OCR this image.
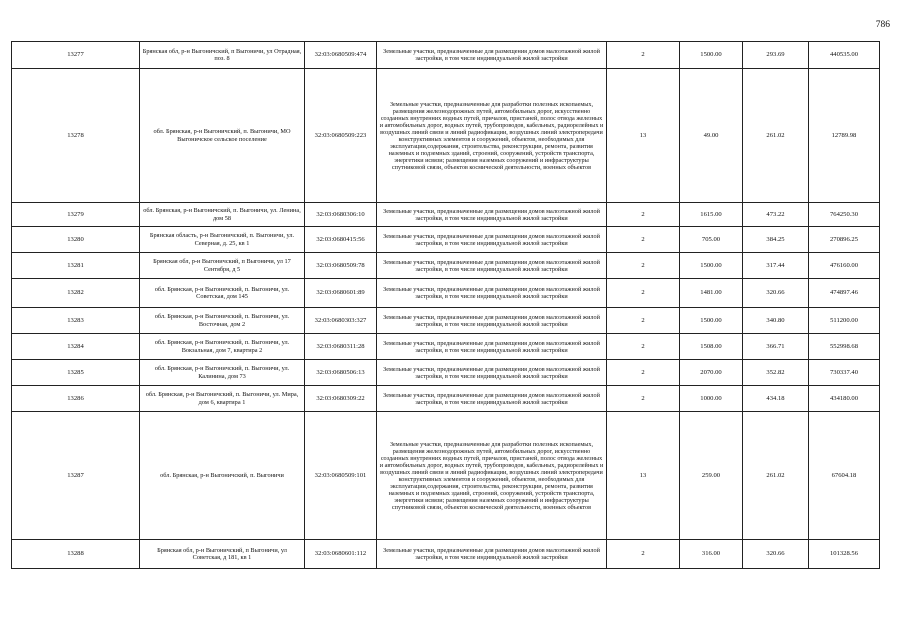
786
13277	Брянская обл, р-н Выгоничский, п Выгоничи, ул Отрадная, поз. 8	32:03:0680509:474	Земельные участки, предназначенные для размещения домов малоэтажной жилой застройки, в том числе индивидуальной жилой застройки	2	1500.00	293.69	440535.00
13278	обл. Брянская, р-н Выгоничский, п. Выгоничи, МО Выгоничское сельское поселение	32:03:0680509:223	Земельные участки, предназначенные для разработки полезных ископаемых, размещения железнодорожных путей, автомобильных дорог, искусственно созданных внутренних водных путей, причалов, пристаней, полос отвода железных и автомобильных дорог, водных путей, трубопроводов, кабельных, радиорелейных и воздушных линий связи и линий радиофикации, воздушных линий электропередачи конструктивных элементов и сооружений, объектов, необходимых для эксплуатации,содержания, строительства, реконструкции, ремонта, развития наземных и подземных зданий, строений, сооружений, устройств транспорта, энергетики исвязи; размещения наземных сооружений и инфраструктуры спутниковой связи, объектов космической деятельности, военных объектов	13	49.00	261.02	12789.98
13279	обл. Брянская, р-н Выгоничский, п. Выгоничи, ул. Ленина, дом 58	32:03:0680306:10	Земельные участки, предназначенные для размещения домов малоэтажной жилой застройки, в том числе индивидуальной жилой застройки	2	1615.00	473.22	764250.30
13280	Брянская область, р-н Выгоничский, п. Выгоничи, ул. Северная, д. 25, кв 1	32:03:0680415:56	Земельные участки, предназначенные для размещения домов малоэтажной жилой застройки, в том числе индивидуальной жилой застройки	2	705.00	384.25	270896.25
13281	Брянская обл, р-н Выгоничский, п Выгоничи, ул 17 Сентября, д 5	32:03:0680509:78	Земельные участки, предназначенные для размещения домов малоэтажной жилой застройки, в том числе индивидуальной жилой застройки	2	1500.00	317.44	476160.00
13282	обл. Брянская, р-н Выгоничский, п. Выгоничи, ул. Советская, дом 145	32:03:0680601:89	Земельные участки, предназначенные для размещения домов малоэтажной жилой застройки, в том числе индивидуальной жилой застройки	2	1481.00	320.66	474897.46
13283	обл. Брянская, р-н Выгоничский, п. Выгоничи, ул. Восточная, дом 2	32:03:0680303:327	Земельные участки, предназначенные для размещения домов малоэтажной жилой застройки, в том числе индивидуальной жилой застройки	2	1500.00	340.80	511200.00
13284	обл. Брянская, р-н Выгоничский, п. Выгоничи, ул. Вокзальная, дом 7, квартира 2	32:03:0680311:28	Земельные участки, предназначенные для размещения домов малоэтажной жилой застройки, в том числе индивидуальной жилой застройки	2	1508.00	366.71	552998.68
13285	обл. Брянская, р-н Выгоничский, п. Выгоничи, ул. Калинина, дом 73	32:03:0680506:13	Земельные участки, предназначенные для размещения домов малоэтажной жилой застройки, в том числе индивидуальной жилой застройки	2	2070.00	352.82	730337.40
13286	обл. Брянская, р-н Выгоничский, п. Выгоничи, ул. Мира, дом 6, квартира 1	32:03:0680309:22	Земельные участки, предназначенные для размещения домов малоэтажной жилой застройки, в том числе индивидуальной жилой застройки	2	1000.00	434.18	434180.00
13287	обл. Брянская, р-н Выгоничский, п. Выгоничи	32:03:0680509:101	Земельные участки, предназначенные для разработки полезных ископаемых, размещения железнодорожных путей, автомобильных дорог, искусственно созданных внутренних водных путей, причалов, пристаней, полос отвода железных и автомобильных дорог, водных путей, трубопроводов, кабельных, радиорелейных и воздушных линий связи и линий радиофикации, воздушных линий электропередачи конструктивных элементов и сооружений, объектов, необходимых для эксплуатации,содержания, строительства, реконструкции, ремонта, развития наземных и подземных зданий, строений, сооружений, устройств транспорта, энергетики исвязи; размещения наземных сооружений и инфраструктуры спутниковой связи, объектов космической деятельности, военных объектов	13	259.00	261.02	67604.18
13288	Брянская обл, р-н Выгоничский, п Выгоничи, ул Советская, д 181, кв 1	32:03:0680601:112	Земельные участки, предназначенные для размещения домов малоэтажной жилой застройки, в том числе индивидуальной жилой застройки	2	316.00	320.66	101328.56
